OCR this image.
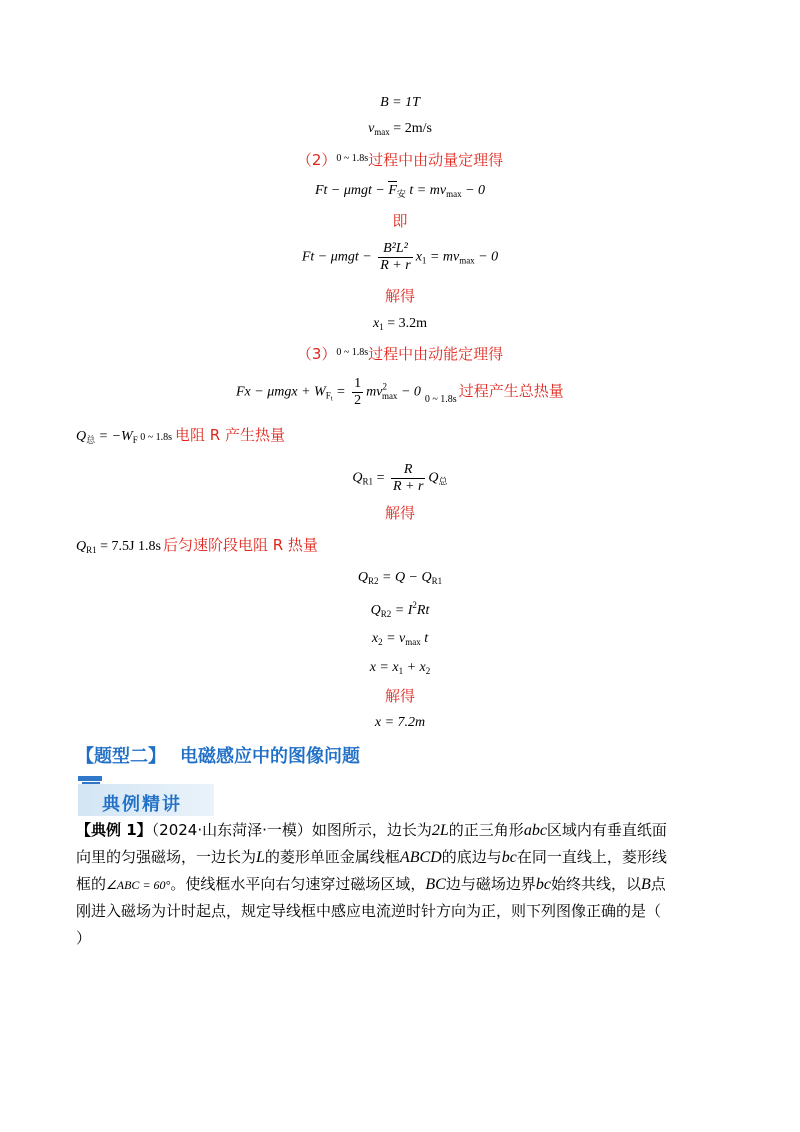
B = 1T
$v_{max} = 2m/s$
$(2)^{0 \sim 1.8s}$过程中由动量定理得
$Ft - \mu mgt - F_安$ $t = mv_{max} - 0$
即
$Ft - \mu mgt - \frac{\text{B²L²}}{R + r} x_1 = mv_{max} - 0$
解得
$x_1 = 3.2m$
$(3)^{0 \sim 1.8s}$过程中由动能定理得
$Fx - \mu mgx + W_{Ft} = \frac{1}{2} mv^2_{max} - 0$ $_{0 \sim 1.8s}$ 过程产生总热量
$Q_总 = -W_F$ 0 ~ 1.8s 电阻 R 产生热量
$Q_{R1} = \frac{R}{R + r} Q_总$
解得
$Q_{R1} = 7.5J$ 1.8s 后匀速阶段电阻 R 热量
$Q_{R2} = Q - Q_{R1}$
$Q_{R2} = I^2Rt$
$x_2 = v_{max}$ t
$x = x_1 + x_2$
解得
x = 7.2m
【题型二】 电磁感应中的图像问题
典例精讲
【典例 1】（2024·山东菏泽·一模）如图所示，边长为2L的正三角形abc区域内有垂直纸面
向里的匀强磁场，一边长为L的菱形单匝金属线框ABCD的底边与bc在同一直线上，菱形线
框的∠ABC = 60°。使线框水平向右匀速穿过磁场区域，BC边与磁场边界bc始终共线，以B点
刚进入磁场为计时起点，规定导线框中感应电流逆时针方向为正，则下列图像正确的是（
）
